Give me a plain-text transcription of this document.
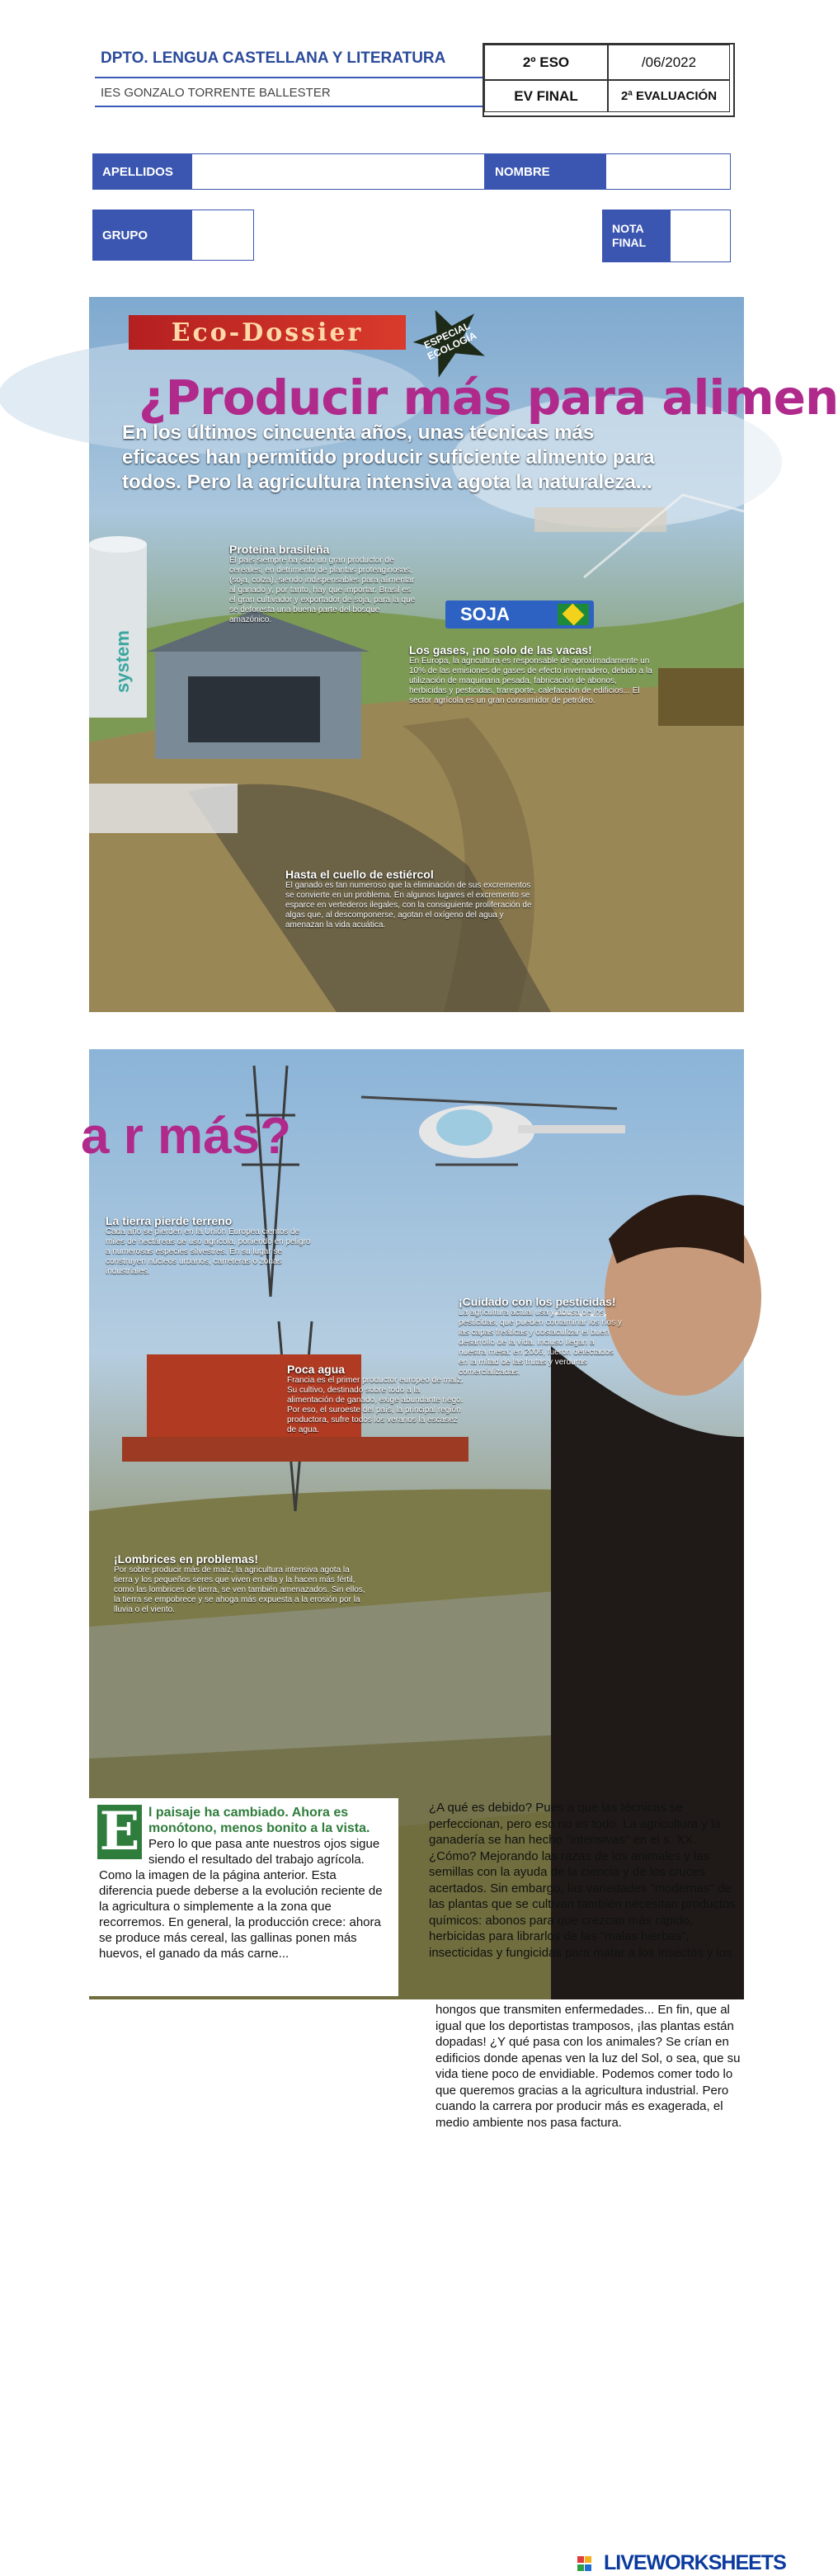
DPTO. LENGUA CASTELLANA Y LITERATURA
IES GONZALO TORRENTE BALLESTER
2º ESO	/06/2022
EV FINAL	2ª EVALUACIÓN
APELLIDOS	NOMBRE
GRUPO	NOTA FINAL
Eco-Dossier	ESPECIAL ECOLOGÍA
¿Producir más para alimen
En los últimos cincuenta años, unas técnicas más eficaces han permitido producir suficiente alimento para todos. Pero la agricultura intensiva agota la naturaleza...
system
Proteína brasileña
El país siempre ha sido un gran productor de cereales, en detrimento de plantas proteaginosas, (soja, colza), siendo indispensables para alimentar al ganado y, por tanto, hay que importar. Brasil es el gran cultivador y exportador de soja, para la que se deforesta una buena parte del bosque amazónico.	SOJA
Los gases, ¡no solo de las vacas!
En Europa, la agricultura es responsable de aproximadamente un 10% de las emisiones de gases de efecto invernadero, debido a la utilización de maquinaria pesada, fabricación de abonos, herbicidas y pesticidas, transporte, calefacción de edificios... El sector agrícola es un gran consumidor de petróleo.
Hasta el cuello de estiércol
El ganado es tan numeroso que la eliminación de sus excrementos se convierte en un problema. En algunos lugares el excremento se esparce en vertederos ilegales, con la consiguiente proliferación de algas que, al descomponerse, agotan el oxígeno del agua y amenazan la vida acuática.
a r más?
La tierra pierde terreno
Cada año se pierden en la Unión Europea cientos de miles de hectáreas de uso agrícola, poniendo en peligro a numerosas especies silvestres. En su lugar se construyen núcleos urbanos, carreteras o zonas industriales.
Poca agua
Francia es el primer productor europeo de maíz. Su cultivo, destinado sobre todo a la alimentación de ganado, exige abundante riego. Por eso, el suroeste del país, la principal región productora, sufre todos los veranos la escasez de agua.
¡Cuidado con los pesticidas!
La agricultura actual usa y abusa de los pesticidas, que pueden contaminar los ríos y las capas freáticas y obstaculizar el buen desarrollo de la vida. Incluso llegan a nuestra mesa: en 2006, fueron detectados en la mitad de las frutas y verduras comercializadas.
¡Lombrices en problemas!
Por sobre producir más de maíz, la agricultura intensiva agota la tierra y los pequeños seres que viven en ella y la hacen más fértil, como las lombrices de tierra, se ven también amenazados. Sin ellos, la tierra se empobrece y se ahoga más expuesta a la erosión por la lluvia o el viento.
E l paisaje ha cambiado. Ahora es monótono, menos bonito a la vista. Pero lo que pasa ante nuestros ojos sigue siendo el resultado del trabajo agrícola. Como la imagen de la página anterior. Esta diferencia puede deberse a la evolución reciente de la agricultura o simplemente a la zona que recorremos. En general, la producción crece: ahora se produce más cereal, las gallinas ponen más huevos, el ganado da más carne...
¿A qué es debido? Pues a que las técnicas se perfeccionan, pero eso no es todo. La agricultura y la ganadería se han hecho "intensivas" en el s. XX. ¿Cómo? Mejorando las razas de los animales y las semillas con la ayuda de la ciencia y de los cruces acertados. Sin embargo, las variedades "modernas" de las plantas que se cultivan también necesitan productos químicos: abonos para que crezcan más rápido, herbicidas para librarlos de las "malas hierbas", insecticidas y fungicidas para matar a los insectos y los
hongos que transmiten enfermedades... En fin, que al igual que los deportistas tramposos, ¡las plantas están dopadas! ¿Y qué pasa con los animales? Se crían en edificios donde apenas ven la luz del Sol, o sea, que su vida tiene poco de envidiable. Podemos comer todo lo que queremos gracias a la agricultura industrial. Pero cuando la carrera por producir más es exagerada, el medio ambiente nos pasa factura.
LIVEWORKSHEETS
